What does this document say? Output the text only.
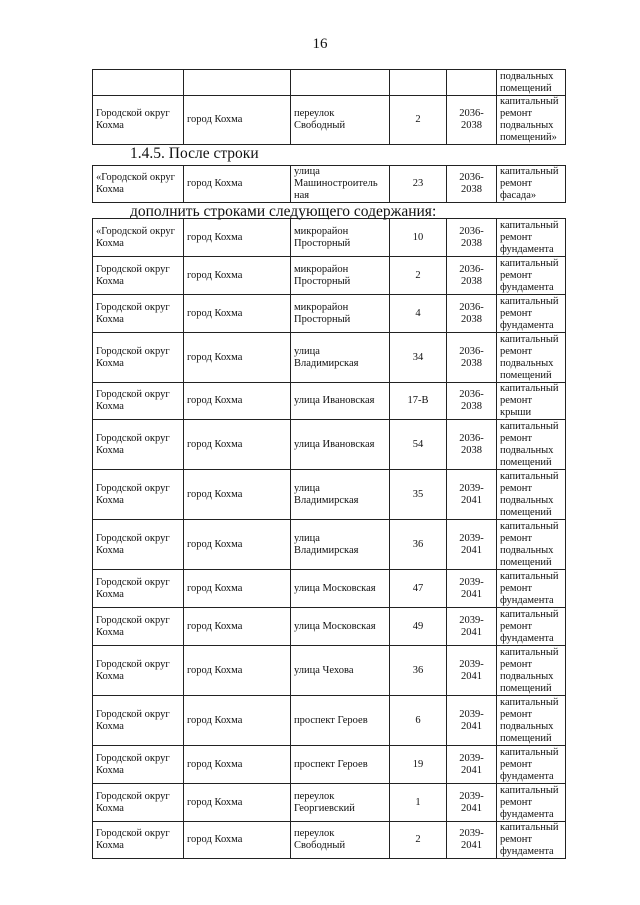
16
					подвальных помещений
Городской округ Кохма	город Кохма	переулок Свободный	2	2036-2038	капитальный ремонт подвальных помещений»
1.4.5. После строки
«Городской округ Кохма	город Кохма	улица Машиностроитель ная	23	2036-2038	капитальный ремонт фасада»
дополнить строками следующего содержания:
«Городской округ Кохма	город Кохма	микрорайон Просторный	10	2036-2038	капитальный ремонт фундамента
Городской округ Кохма	город Кохма	микрорайон Просторный	2	2036-2038	капитальный ремонт фундамента
Городской округ Кохма	город Кохма	микрорайон Просторный	4	2036-2038	капитальный ремонт фундамента
Городской округ Кохма	город Кохма	улица Владимирская	34	2036-2038	капитальный ремонт подвальных помещений
Городской округ Кохма	город Кохма	улица Ивановская	17-В	2036-2038	капитальный ремонт крыши
Городской округ Кохма	город Кохма	улица Ивановская	54	2036-2038	капитальный ремонт подвальных помещений
Городской округ Кохма	город Кохма	улица Владимирская	35	2039-2041	капитальный ремонт подвальных помещений
Городской округ Кохма	город Кохма	улица Владимирская	36	2039-2041	капитальный ремонт подвальных помещений
Городской округ Кохма	город Кохма	улица Московская	47	2039-2041	капитальный ремонт фундамента
Городской округ Кохма	город Кохма	улица Московская	49	2039-2041	капитальный ремонт фундамента
Городской округ Кохма	город Кохма	улица Чехова	36	2039-2041	капитальный ремонт подвальных помещений
Городской округ Кохма	город Кохма	проспект Героев	6	2039-2041	капитальный ремонт подвальных помещений
Городской округ Кохма	город Кохма	проспект Героев	19	2039-2041	капитальный ремонт фундамента
Городской округ Кохма	город Кохма	переулок Георгиевский	1	2039-2041	капитальный ремонт фундамента
Городской округ Кохма	город Кохма	переулок Свободный	2	2039-2041	капитальный ремонт фундамента
